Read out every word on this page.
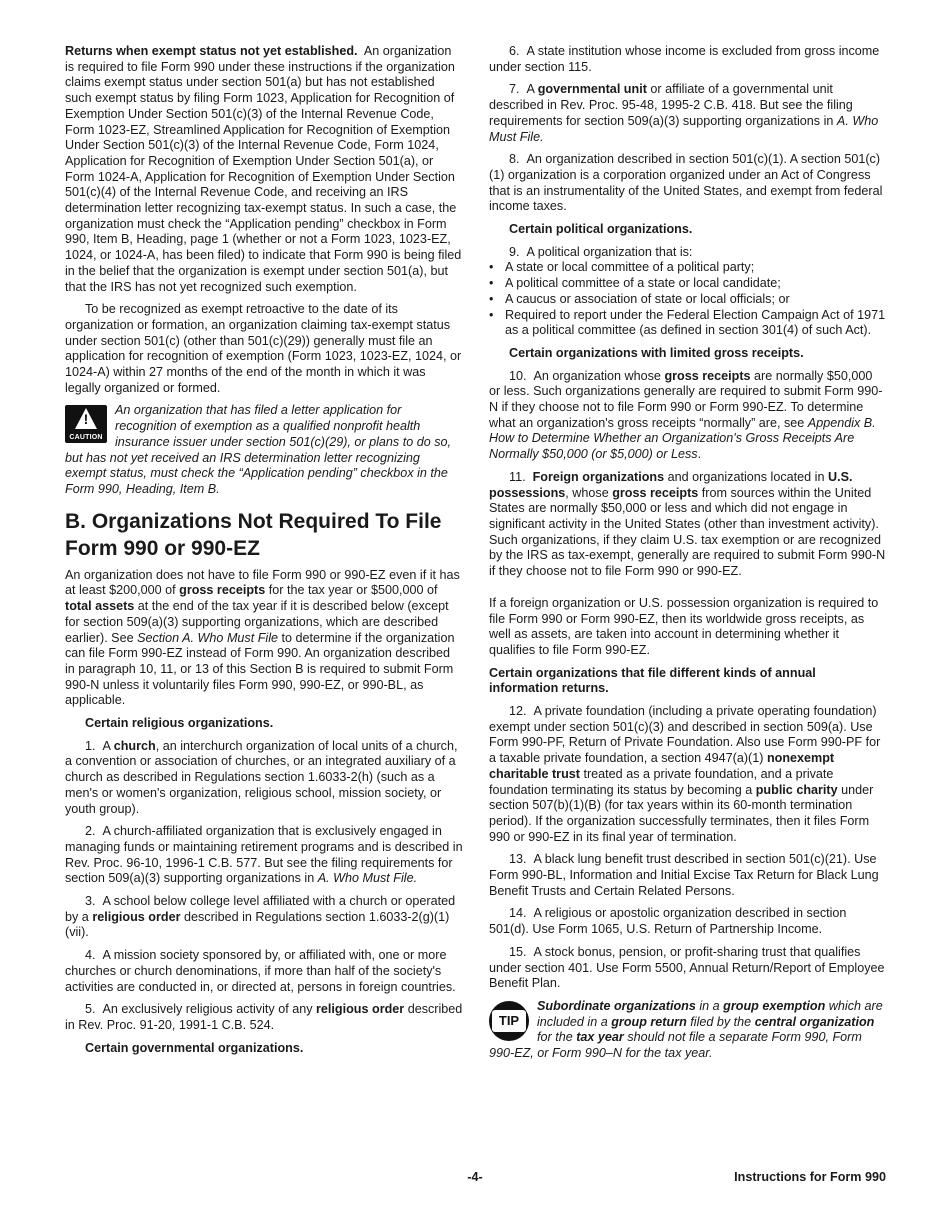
Returns when exempt status not yet established. An organization is required to file Form 990 under these instructions if the organization claims exempt status under section 501(a) but has not established such exempt status by filing Form 1023, Application for Recognition of Exemption Under Section 501(c)(3) of the Internal Revenue Code, Form 1023-EZ, Streamlined Application for Recognition of Exemption Under Section 501(c)(3) of the Internal Revenue Code, Form 1024, Application for Recognition of Exemption Under Section 501(a), or Form 1024-A, Application for Recognition of Exemption Under Section 501(c)(4) of the Internal Revenue Code, and receiving an IRS determination letter recognizing tax-exempt status. In such a case, the organization must check the “Application pending” checkbox in Form 990, Item B, Heading, page 1 (whether or not a Form 1023, 1023-EZ, 1024, or 1024-A, has been filed) to indicate that Form 990 is being filed in the belief that the organization is exempt under section 501(a), but that the IRS has not yet recognized such exemption.

To be recognized as exempt retroactive to the date of its organization or formation, an organization claiming tax-exempt status under section 501(c) (other than 501(c)(29)) generally must file an application for recognition of exemption (Form 1023, 1023-EZ, 1024, or 1024-A) within 27 months of the end of the month in which it was legally organized or formed.

!
CAUTION
An organization that has filed a letter application for recognition of exemption as a qualified nonprofit health insurance issuer under section 501(c)(29), or plans to do so, but has not yet received an IRS determination letter recognizing exempt status, must check the “Application pending” checkbox in the Form 990, Heading, Item B.
B. Organizations Not Required To File Form 990 or 990-EZ

An organization does not have to file Form 990 or 990-EZ even if it has at least $200,000 of gross receipts for the tax year or $500,000 of total assets at the end of the tax year if it is described below (except for section 509(a)(3) supporting organizations, which are described earlier). See Section A. Who Must File to determine if the organization can file Form 990-EZ instead of Form 990. An organization described in paragraph 10, 11, or 13 of this Section B is required to submit Form 990-N unless it voluntarily files Form 990, 990-EZ, or 990-BL, as applicable.

Certain religious organizations.

1. A church, an interchurch organization of local units of a church, a convention or association of churches, or an integrated auxiliary of a church as described in Regulations section 1.6033-2(h) (such as a men's or women's organization, religious school, mission society, or youth group).

2. A church-affiliated organization that is exclusively engaged in managing funds or maintaining retirement programs and is described in Rev. Proc. 96-10, 1996-1 C.B. 577. But see the filing requirements for section 509(a)(3) supporting organizations in A. Who Must File.

3. A school below college level affiliated with a church or operated by a religious order described in Regulations section 1.6033-2(g)(1)(vii).

4. A mission society sponsored by, or affiliated with, one or more churches or church denominations, if more than half of the society's activities are conducted in, or directed at, persons in foreign countries.

5. An exclusively religious activity of any religious order described in Rev. Proc. 91-20, 1991-1 C.B. 524.

Certain governmental organizations.

6. A state institution whose income is excluded from gross income under section 115.

7. A governmental unit or affiliate of a governmental unit described in Rev. Proc. 95-48, 1995-2 C.B. 418. But see the filing requirements for section 509(a)(3) supporting organizations in A. Who Must File.

8. An organization described in section 501(c)(1). A section 501(c)(1) organization is a corporation organized under an Act of Congress that is an instrumentality of the United States, and exempt from federal income taxes.

Certain political organizations.

9. A political organization that is:

• A state or local committee of a political party;

• A political committee of a state or local candidate;

• A caucus or association of state or local officials; or

• Required to report under the Federal Election Campaign Act of 1971 as a political committee (as defined in section 301(4) of such Act).

Certain organizations with limited gross receipts.

10. An organization whose gross receipts are normally $50,000 or less. Such organizations generally are required to submit Form 990-N if they choose not to file Form 990 or Form 990-EZ. To determine what an organization's gross receipts “normally” are, see Appendix B. How to Determine Whether an Organization's Gross Receipts Are Normally $50,000 (or $5,000) or Less.

11. Foreign organizations and organizations located in U.S. possessions, whose gross receipts from sources within the United States are normally $50,000 or less and which did not engage in significant activity in the United States (other than investment activity). Such organizations, if they claim U.S. tax exemption or are recognized by the IRS as tax-exempt, generally are required to submit Form 990-N if they choose not to file Form 990 or 990-EZ.

If a foreign organization or U.S. possession organization is required to file Form 990 or Form 990-EZ, then its worldwide gross receipts, as well as assets, are taken into account in determining whether it qualifies to file Form 990-EZ.

Certain organizations that file different kinds of annual information returns.

12. A private foundation (including a private operating foundation) exempt under section 501(c)(3) and described in section 509(a). Use Form 990-PF, Return of Private Foundation. Also use Form 990-PF for a taxable private foundation, a section 4947(a)(1) nonexempt charitable trust treated as a private foundation, and a private foundation terminating its status by becoming a public charity under section 507(b)(1)(B) (for tax years within its 60-month termination period). If the organization successfully terminates, then it files Form 990 or 990-EZ in its final year of termination.

13. A black lung benefit trust described in section 501(c)(21). Use Form 990-BL, Information and Initial Excise Tax Return for Black Lung Benefit Trusts and Certain Related Persons.

14. A religious or apostolic organization described in section 501(d). Use Form 1065, U.S. Return of Partnership Income.

15. A stock bonus, pension, or profit-sharing trust that qualifies under section 401. Use Form 5500, Annual Return/Report of Employee Benefit Plan.

TIP
Subordinate organizations in a group exemption which are included in a group return filed by the central organization for the tax year should not file a separate Form 990, Form 990-EZ, or Form 990–N for the tax year.
-4-	Instructions for Form 990
